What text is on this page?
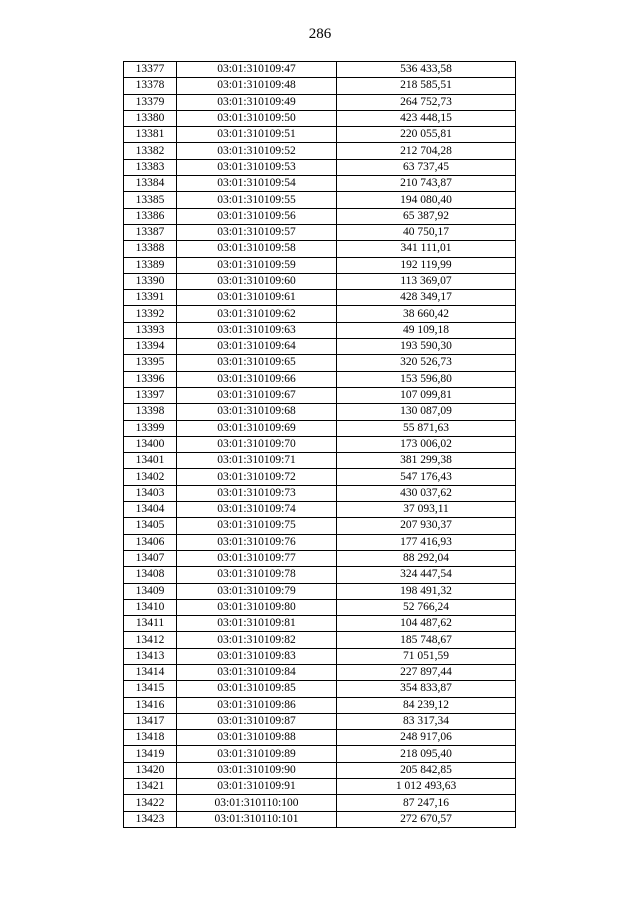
286
13377	03:01:310109:47	536 433,58
13378	03:01:310109:48	218 585,51
13379	03:01:310109:49	264 752,73
13380	03:01:310109:50	423 448,15
13381	03:01:310109:51	220 055,81
13382	03:01:310109:52	212 704,28
13383	03:01:310109:53	63 737,45
13384	03:01:310109:54	210 743,87
13385	03:01:310109:55	194 080,40
13386	03:01:310109:56	65 387,92
13387	03:01:310109:57	40 750,17
13388	03:01:310109:58	341 111,01
13389	03:01:310109:59	192 119,99
13390	03:01:310109:60	113 369,07
13391	03:01:310109:61	428 349,17
13392	03:01:310109:62	38 660,42
13393	03:01:310109:63	49 109,18
13394	03:01:310109:64	193 590,30
13395	03:01:310109:65	320 526,73
13396	03:01:310109:66	153 596,80
13397	03:01:310109:67	107 099,81
13398	03:01:310109:68	130 087,09
13399	03:01:310109:69	55 871,63
13400	03:01:310109:70	173 006,02
13401	03:01:310109:71	381 299,38
13402	03:01:310109:72	547 176,43
13403	03:01:310109:73	430 037,62
13404	03:01:310109:74	37 093,11
13405	03:01:310109:75	207 930,37
13406	03:01:310109:76	177 416,93
13407	03:01:310109:77	88 292,04
13408	03:01:310109:78	324 447,54
13409	03:01:310109:79	198 491,32
13410	03:01:310109:80	52 766,24
13411	03:01:310109:81	104 487,62
13412	03:01:310109:82	185 748,67
13413	03:01:310109:83	71 051,59
13414	03:01:310109:84	227 897,44
13415	03:01:310109:85	354 833,87
13416	03:01:310109:86	84 239,12
13417	03:01:310109:87	83 317,34
13418	03:01:310109:88	248 917,06
13419	03:01:310109:89	218 095,40
13420	03:01:310109:90	205 842,85
13421	03:01:310109:91	1 012 493,63
13422	03:01:310110:100	87 247,16
13423	03:01:310110:101	272 670,57
